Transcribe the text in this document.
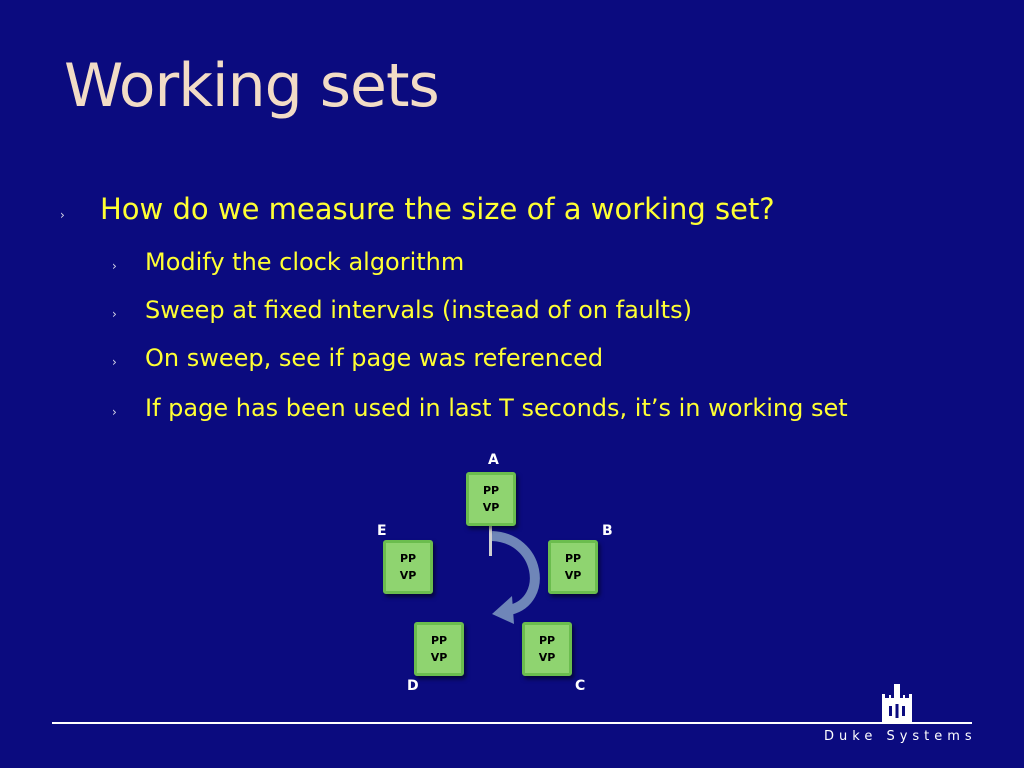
Working sets
›	How do we measure the size of a working set?
›	Modify the clock algorithm
›	Sweep at fixed intervals (instead of on faults)
›	On sweep, see if page was referenced
›	If page has been used in last T seconds, it’s in working set
PP
VP
PP
VP
PP
VP
PP
VP
PP
VP
A
B
C
D
E
Duke Systems
